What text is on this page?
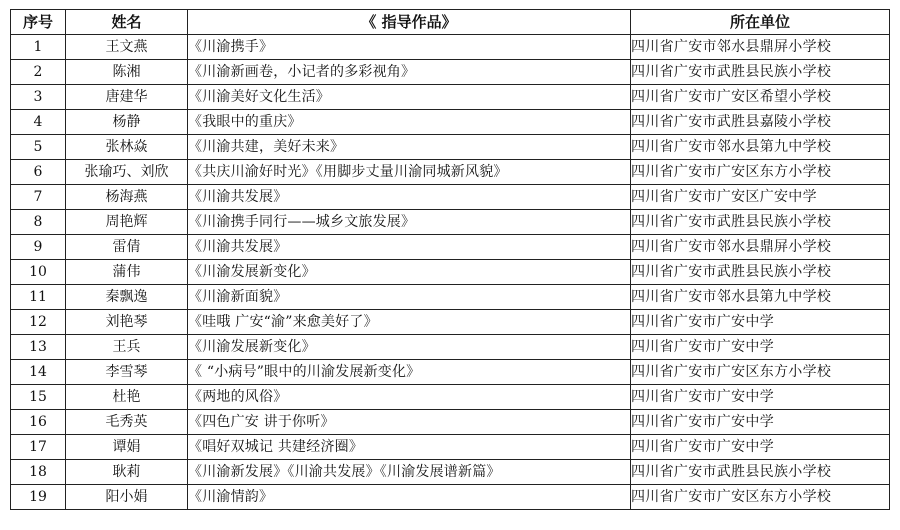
序号	姓名	《 指导作品》	所在单位
1	王文燕	《川渝携手》	四川省广安市邻水县鼎屏小学校
2	陈湘	《川渝新画卷，小记者的多彩视角》	四川省广安市武胜县民族小学校
3	唐建华	《川渝美好文化生活》	四川省广安市广安区希望小学校
4	杨静	《我眼中的重庆》	四川省广安市武胜县嘉陵小学校
5	张林焱	《川渝共建，美好未来》	四川省广安市邻水县第九中学校
6	张瑜巧、刘欣	《共庆川渝好时光》《用脚步丈量川渝同城新风貌》	四川省广安市广安区东方小学校
7	杨海燕	《川渝共发展》	四川省广安市广安区广安中学
8	周艳辉	《川渝携手同行——城乡文旅发展》	四川省广安市武胜县民族小学校
9	雷倩	《川渝共发展》	四川省广安市邻水县鼎屏小学校
10	蒲伟	《川渝发展新变化》	四川省广安市武胜县民族小学校
11	秦飘逸	《川渝新面貌》	四川省广安市邻水县第九中学校
12	刘艳琴	《哇哦 广安“渝”来愈美好了》	四川省广安市广安中学
13	王兵	《川渝发展新变化》	四川省广安市广安中学
14	李雪琴	《 “小病号”眼中的川渝发展新变化》	四川省广安市广安区东方小学校
15	杜艳	《两地的风俗》	四川省广安市广安中学
16	毛秀英	《四色广安 讲于你听》	四川省广安市广安中学
17	谭娟	《唱好双城记 共建经济圈》	四川省广安市广安中学
18	耿莉	《川渝新发展》《川渝共发展》《川渝发展谱新篇》	四川省广安市武胜县民族小学校
19	阳小娟	《川渝情韵》	四川省广安市广安区东方小学校
